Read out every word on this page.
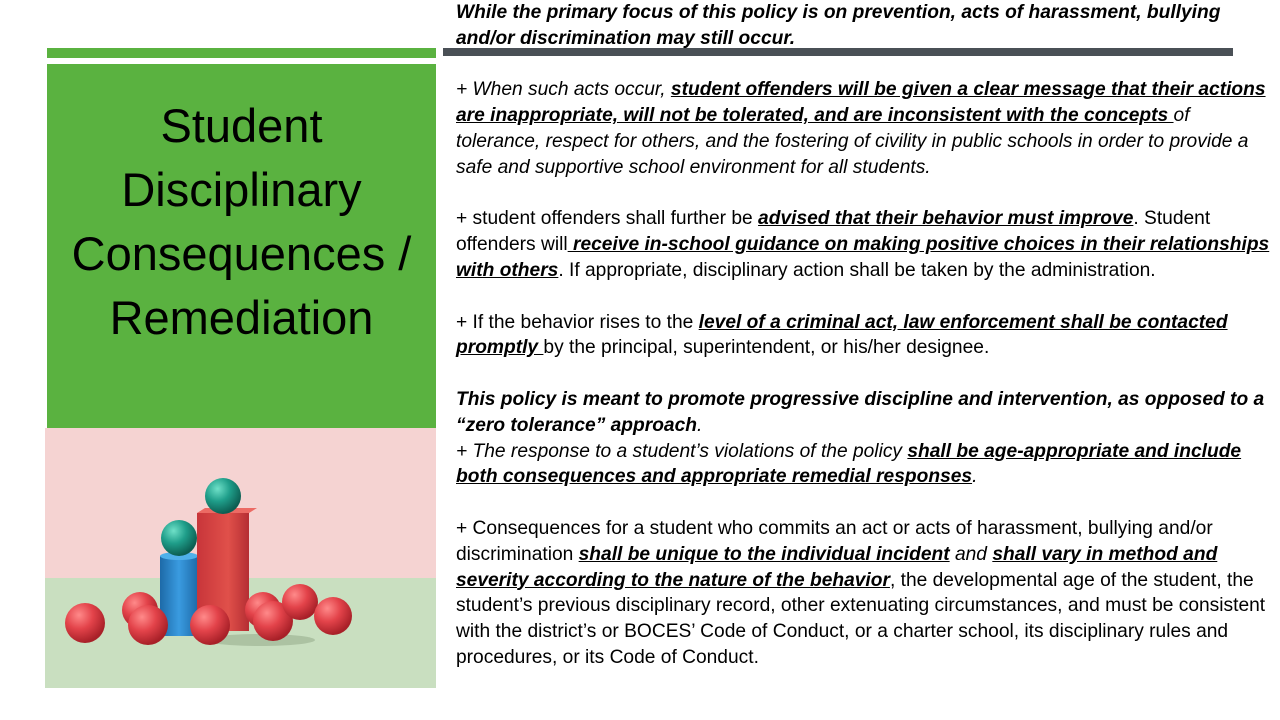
Student
Disciplinary
Consequences /
Remediation

While the primary focus of this policy is on prevention, acts of harassment, bullying and/or discrimination may still occur.

+ When such acts occur, student offenders will be given a clear message that their actions are inappropriate, will not be tolerated, and are inconsistent with the concepts of tolerance, respect for others, and the fostering of civility in public schools in order to provide a safe and supportive school environment for all students.

+ student offenders shall further be advised that their behavior must improve. Student offenders will receive in-school guidance on making positive choices in their relationships with others. If appropriate, disciplinary action shall be taken by the administration.

+ If the behavior rises to the level of a criminal act, law enforcement shall be contacted promptly by the principal, superintendent, or his/her designee.

This policy is meant to promote progressive discipline and intervention, as opposed to a “zero tolerance” approach.

+ The response to a student’s violations of the policy shall be age-appropriate and include both consequences and appropriate remedial responses.

+ Consequences for a student who commits an act or acts of harassment, bullying and/or discrimination shall be unique to the individual incident and shall vary in method and severity according to the nature of the behavior, the developmental age of the student, the student’s previous disciplinary record, other extenuating circumstances, and must be consistent with the district’s or BOCES’ Code of Conduct, or a charter school, its disciplinary rules and procedures, or its Code of Conduct.
